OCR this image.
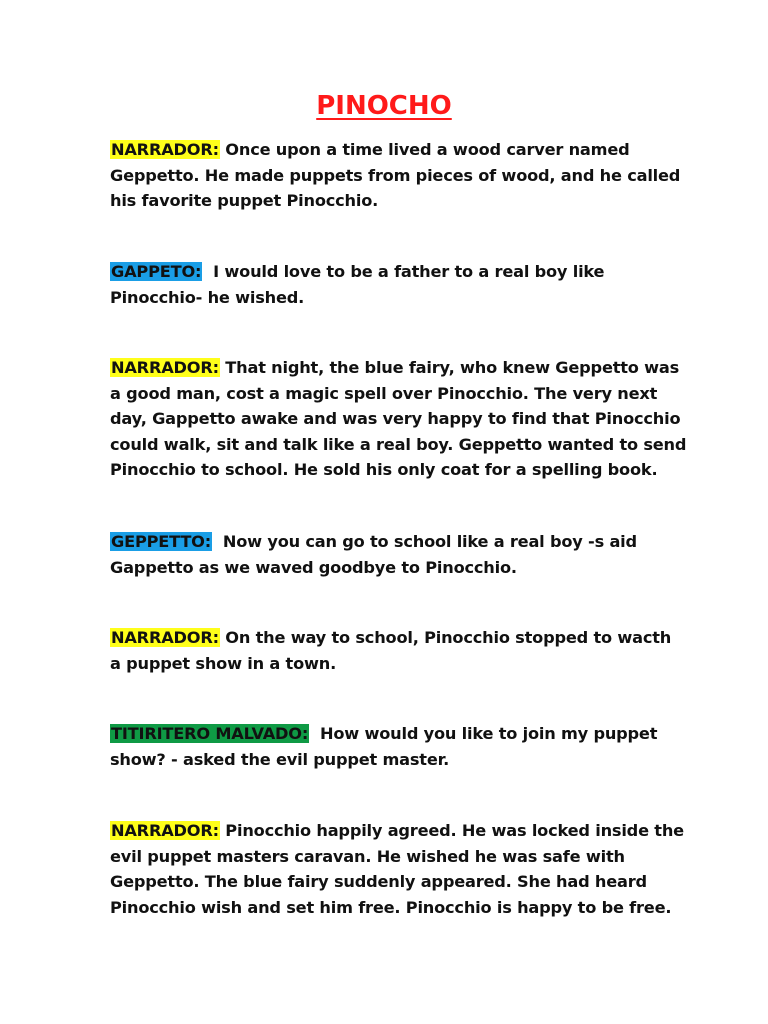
PINOCHO

NARRADOR: Once upon a time lived a wood carver named
Geppetto. He made puppets from pieces of wood, and he called
his favorite puppet Pinocchio.

GAPPETO:  I would love to be a father to a real boy like
Pinocchio- he wished.

NARRADOR: That night, the blue fairy, who knew Geppetto was
a good man, cost a magic spell over Pinocchio. The very next
day, Gappetto awake and was very happy to find that Pinocchio
could walk, sit and talk like a real boy. Geppetto wanted to send
Pinocchio to school. He sold his only coat for a spelling book.

GEPPETTO:  Now you can go to school like a real boy -s aid
Gappetto as we waved goodbye to Pinocchio.

NARRADOR: On the way to school, Pinocchio stopped to wacth
a puppet show in a town.

TITIRITERO MALVADO:  How would you like to join my puppet
show? - asked the evil puppet master.

NARRADOR: Pinocchio happily agreed. He was locked inside the
evil puppet masters caravan. He wished he was safe with
Geppetto. The blue fairy suddenly appeared. She had heard
Pinocchio wish and set him free. Pinocchio is happy to be free.
